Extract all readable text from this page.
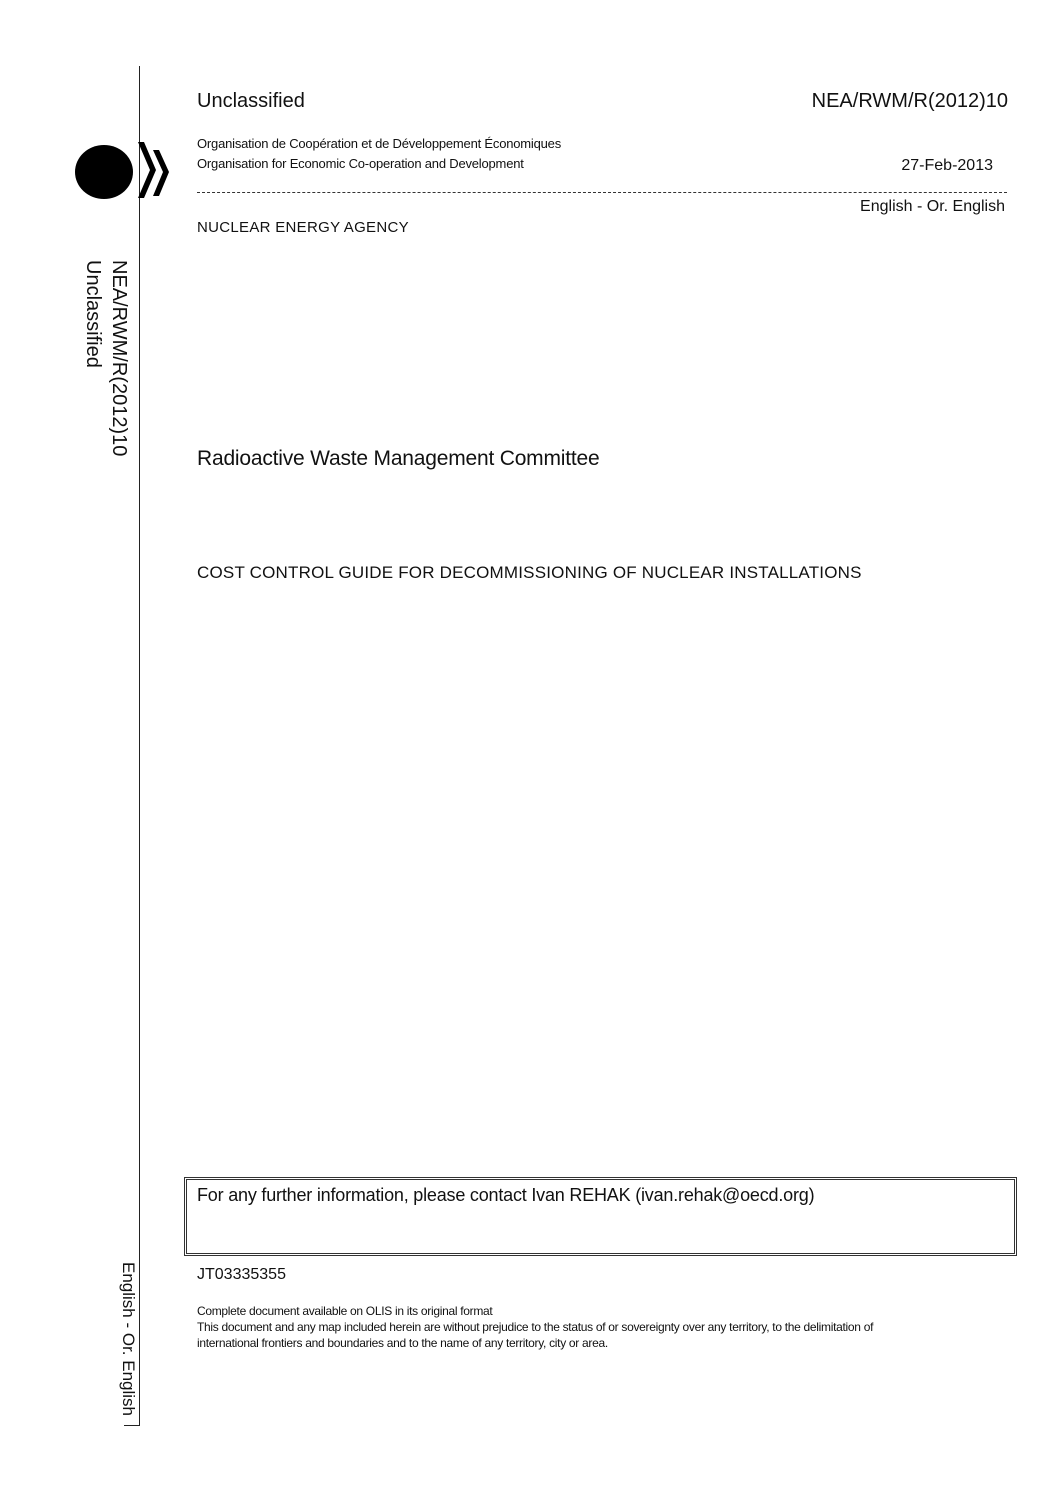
NEA/RWM/R(2012)10
Unclassified
English - Or. English
Unclassified	NEA/RWM/R(2012)10
Organisation de Coopération et de Développement Économiques
Organisation for Economic Co-operation and Development	27-Feb-2013
English - Or. English
NUCLEAR ENERGY AGENCY
Radioactive Waste Management Committee
COST CONTROL GUIDE FOR DECOMMISSIONING OF NUCLEAR INSTALLATIONS
For any further information, please contact Ivan REHAK (ivan.rehak@oecd.org)
JT03335355
Complete document available on OLIS in its original format
This document and any map included herein are without prejudice to the status of or sovereignty over any territory, to the delimitation of
international frontiers and boundaries and to the name of any territory, city or area.
